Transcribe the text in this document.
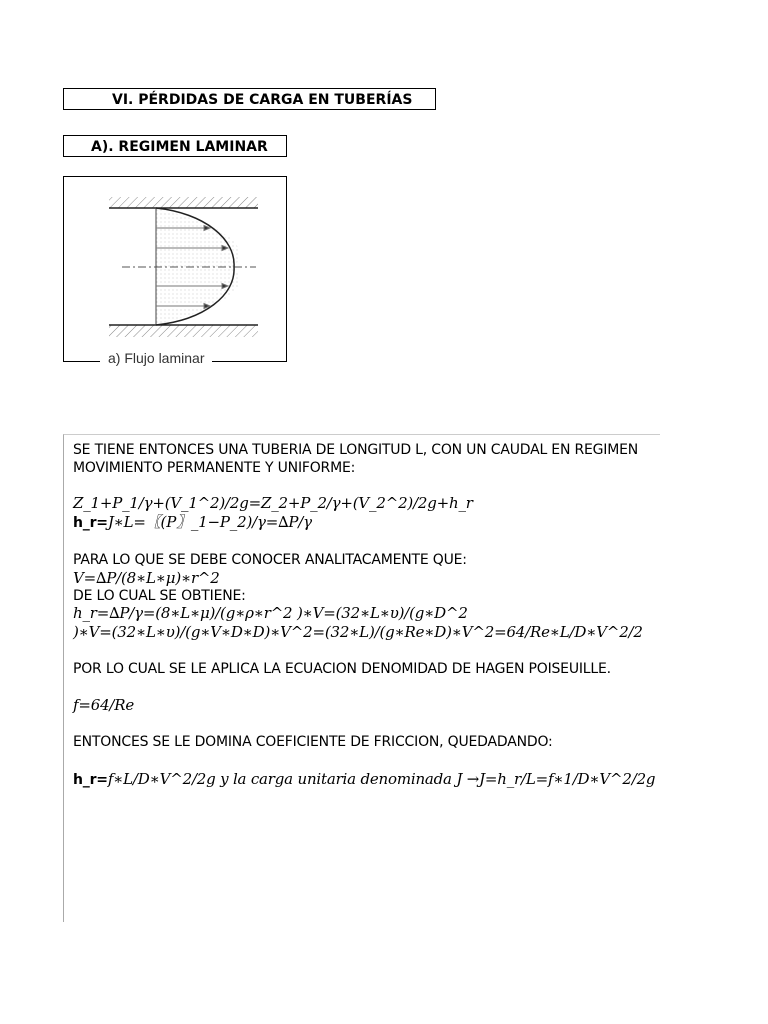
VI. PÉRDIDAS DE CARGA EN TUBERÍAS
A). REGIMEN LAMINAR
a) Flujo laminar
SE TIENE ENTONCES UNA TUBERIA DE LONGITUD L, CON UN CAUDAL EN REGIMEN
MOVIMIENTO PERMANENTE Y UNIFORME:
Z_1+P_1/γ+(V_1^2)/2g=Z_2+P_2/γ+(V_2^2)/2g+h_r
h_r=J∗L=〖(P〗_1−P_2)/γ=∆P/γ
PARA LO QUE SE DEBE CONOCER ANALITACAMENTE QUE:
V=∆P/(8∗L∗μ)∗r^2
DE LO CUAL SE OBTIENE:
h_r=∆P/γ=(8∗L∗μ)/(g∗ρ∗r^2 )∗V=(32∗L∗υ)/(g∗D^2
)∗V=(32∗L∗υ)/(g∗V∗D∗D)∗V^2=(32∗L)/(g∗Re∗D)∗V^2=64/Re∗L/D∗V^2/2
POR LO CUAL SE LE APLICA LA ECUACION DENOMIDAD DE HAGEN POISEUILLE.
f=64/Re
ENTONCES SE LE DOMINA COEFICIENTE DE FRICCION, QUEDADANDO:
h_r=f∗L/D∗V^2/2g y la carga unitaria denominada J →J=h_r/L=f∗1/D∗V^2/2g
